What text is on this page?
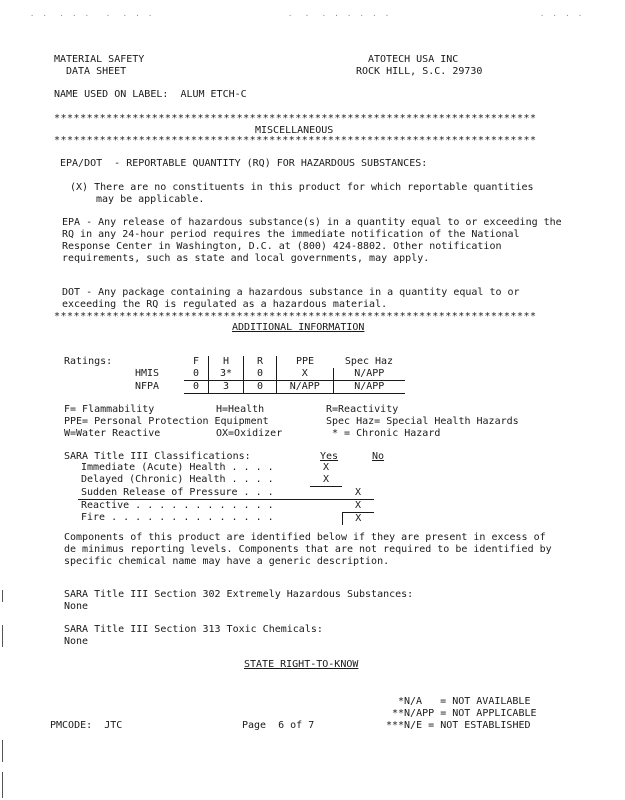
·  ·   ·  ·  ·    ·   ·  ·  ·	·   ·   ·  ·  ·  ·  ·  ·	·  ·  ·  ·
MATERIAL SAFETY
DATA SHEET
ATOTECH USA INC
ROCK HILL, S.C. 29730
NAME USED ON LABEL: ALUM ETCH-C
**************************************************************************
MISCELLANEOUS
**************************************************************************
EPA/DOT  - REPORTABLE QUANTITY (RQ) FOR HAZARDOUS SUBSTANCES:

(X) There are no constituents in this product for which reportable quantities may be applicable.

EPA - Any release of hazardous substance(s) in a quantity equal to or exceeding the RQ in any 24-hour period requires the immediate notification of the National Response Center in Washington, D.C. at (800) 424-8802. Other notification requirements, such as state and local governments, may apply.

DOT - Any package containing a hazardous substance in a quantity equal to or exceeding the RQ is regulated as a hazardous material.

**************************************************************************
ADDITIONAL INFORMATION
Ratings:
		F	H	R	PPE	Spec Haz
HMIS	0	3*	0	X	N/APP
NFPA	0	3	0	N/APP	N/APP
F= Flammability	H=Health	R=Reactivity
PPE= Personal Protection Equipment	Spec Haz= Special Health Hazards
W=Water Reactive	OX=Oxidizer	* = Chronic Hazard
SARA Title III Classifications:	Yes	No
Immediate (Acute) Health . . . .	X	
Delayed (Chronic) Health . . . .	X	
Sudden Release of Pressure . . .		X
Reactive . . . . . . . . . . . .		X
Fire . . . . . . . . . . . . . .		X

Components of this product are identified below if they are present in excess of de minimus reporting levels. Components that are not required to be identified by specific chemical name may have a generic description.

SARA Title III Section 302 Extremely Hazardous Substances:
None
SARA Title III Section 313 Toxic Chemicals:
None
STATE RIGHT-TO-KNOW
*N/A = NOT AVAILABLE
**N/APP = NOT APPLICABLE
PMCODE: JTC	Page  6 of 7	***N/E = NOT ESTABLISHED
